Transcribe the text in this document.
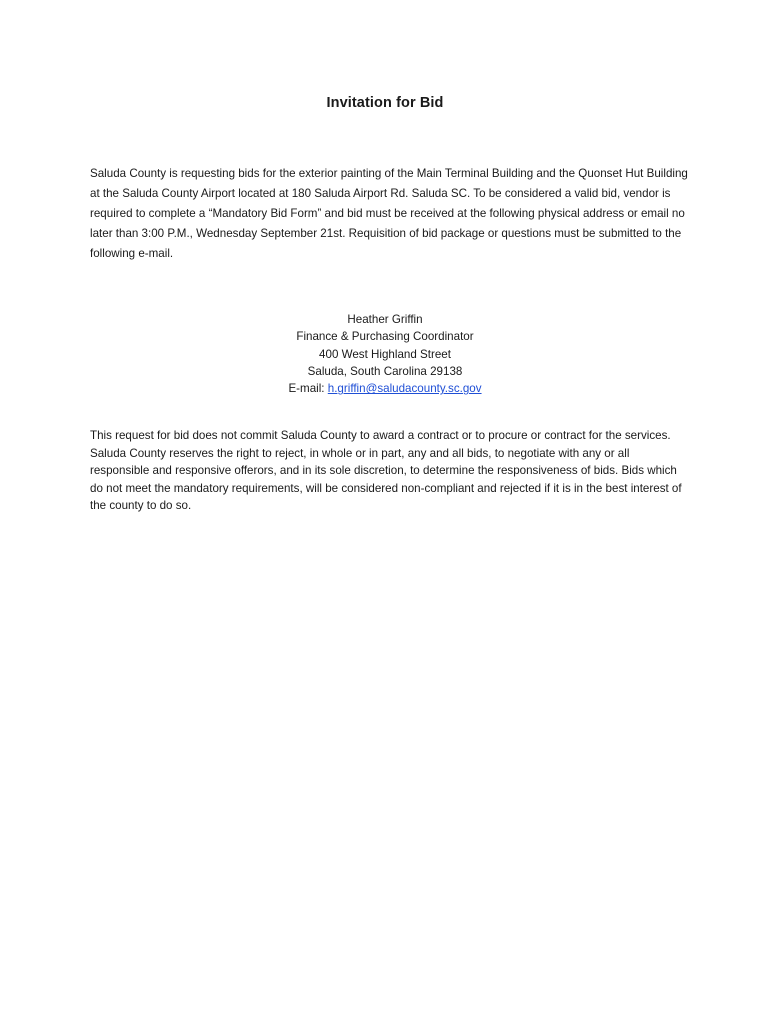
Invitation for Bid

Saluda County is requesting bids for the exterior painting of the Main Terminal Building and the Quonset Hut Building at the Saluda County Airport located at 180 Saluda Airport Rd. Saluda SC. To be considered a valid bid, vendor is required to complete a “Mandatory Bid Form” and bid must be received at the following physical address or email no later than 3:00 P.M., Wednesday September 21st. Requisition of bid package or questions must be submitted to the following e-mail.

Heather Griffin
Finance & Purchasing Coordinator
400 West Highland Street
Saluda, South Carolina 29138
E-mail: h.griffin@saludacounty.sc.gov

This request for bid does not commit Saluda County to award a contract or to procure or contract for the services. Saluda County reserves the right to reject, in whole or in part, any and all bids, to negotiate with any or all responsible and responsive offerors, and in its sole discretion, to determine the responsiveness of bids. Bids which do not meet the mandatory requirements, will be considered non-compliant and rejected if it is in the best interest of the county to do so.
